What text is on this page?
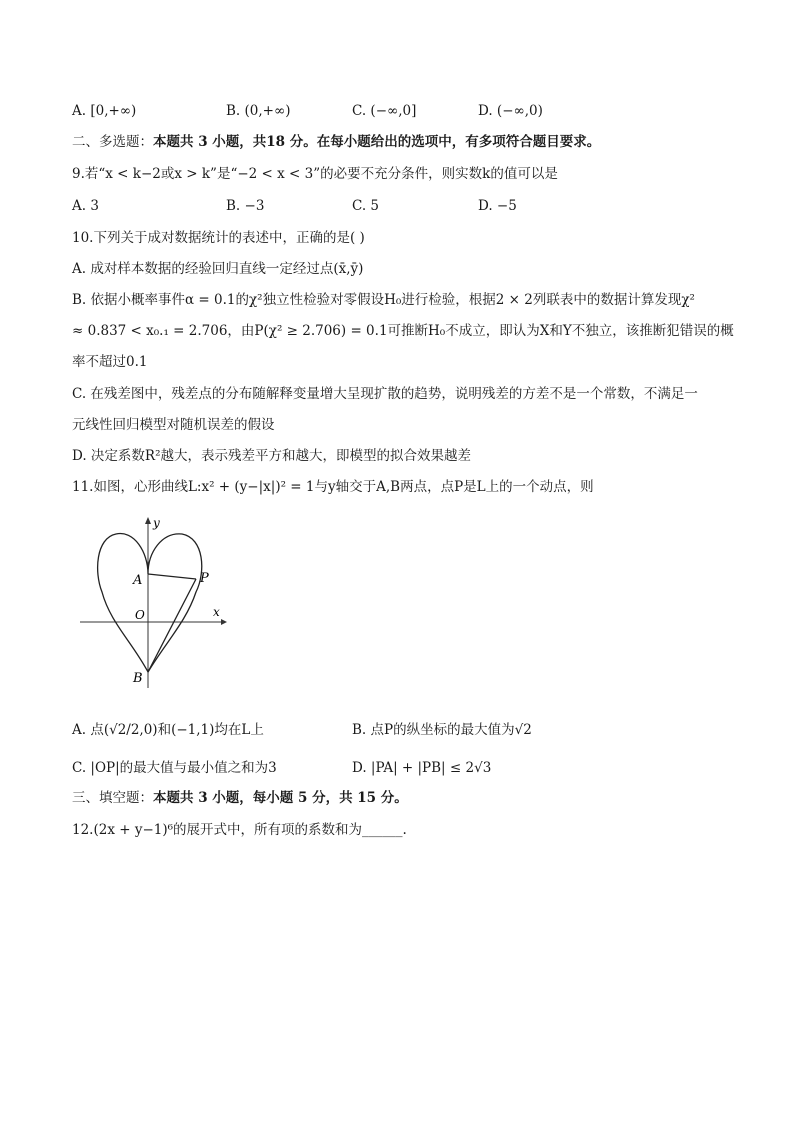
A. [0,+∞)	B. (0,+∞)	C. (−∞,0]	D. (−∞,0)
二、多选题：本题共 3 小题，共18 分。在每小题给出的选项中，有多项符合题目要求。
9.若“x < k−2或x > k”是“−2 < x < 3”的必要不充分条件，则实数k的值可以是
A. 3	B. −3	C. 5	D. −5
10.下列关于成对数据统计的表述中，正确的是( )
A. 成对样本数据的经验回归直线一定经过点(x̄,ȳ)
B. 依据小概率事件α = 0.1的χ²独立性检验对零假设H₀进行检验，根据2 × 2列联表中的数据计算发现χ²
≈ 0.837 < x₀.₁ = 2.706，由P(χ² ≥ 2.706) = 0.1可推断H₀不成立，即认为X和Y不独立，该推断犯错误的概
率不超过0.1
C. 在残差图中，残差点的分布随解释变量增大呈现扩散的趋势，说明残差的方差不是一个常数，不满足一
元线性回归模型对随机误差的假设
D. 决定系数R²越大，表示残差平方和越大，即模型的拟合效果越差
11.如图，心形曲线L:x² + (y−|x|)² = 1与y轴交于A,B两点，点P是L上的一个动点，则
y
x
A	P
O
B
A. 点(√2/2,0)和(−1,1)均在L上	B. 点P的纵坐标的最大值为√2
C. |OP|的最大值与最小值之和为3	D. |PA| + |PB| ≤ 2√3
三、填空题：本题共 3 小题，每小题 5 分，共 15 分。
12.(2x + y−1)⁶的展开式中，所有项的系数和为______.
